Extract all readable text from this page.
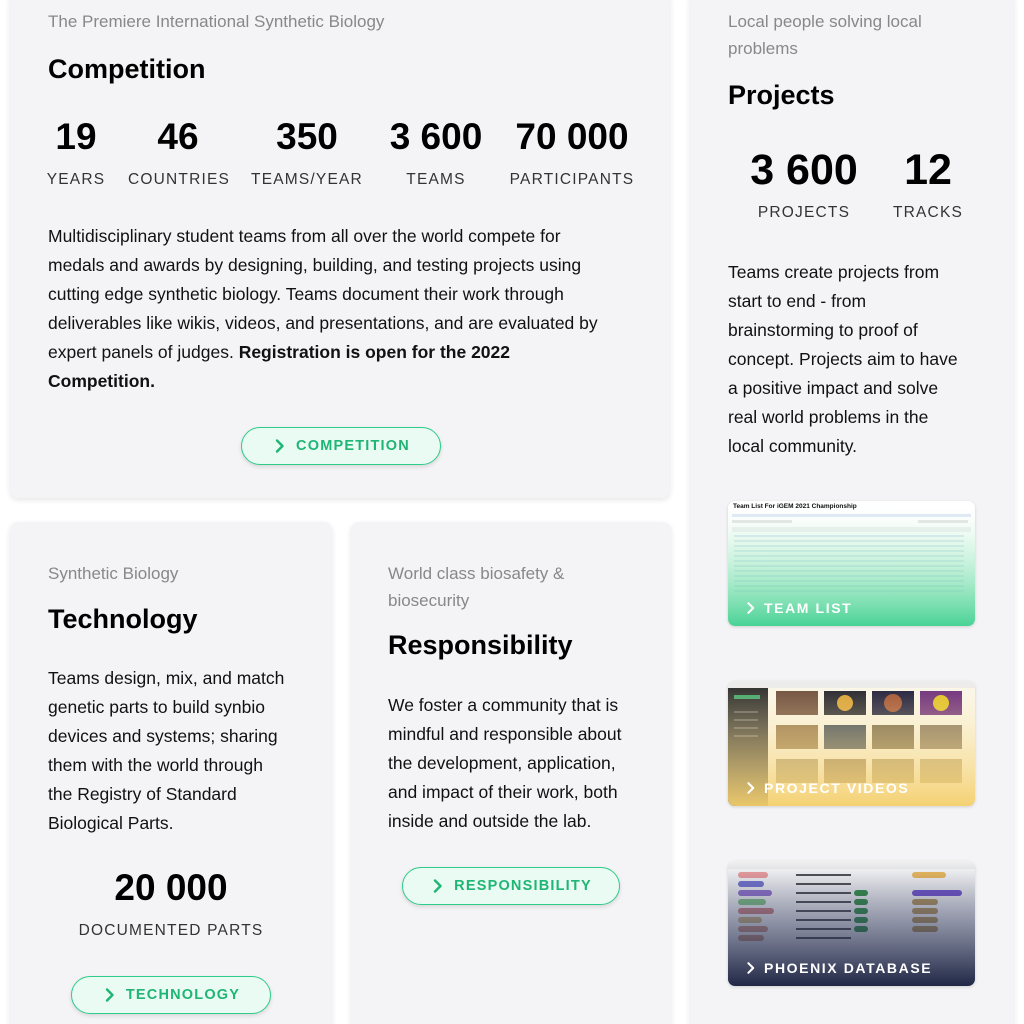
The Premiere International Synthetic Biology
Competition
19
YEARS
46
COUNTRIES
350
TEAMS/YEAR
3 600
TEAMS
70 000
PARTICIPANTS
Multidisciplinary student teams from all over the world compete for
medals and awards by designing, building, and testing projects using
cutting edge synthetic biology. Teams document their work through
deliverables like wikis, videos, and presentations, and are evaluated by
expert panels of judges. Registration is open for the 2022
Competition.
COMPETITION
Synthetic Biology
Technology
Teams design, mix, and match
genetic parts to build synbio
devices and systems; sharing
them with the world through
the Registry of Standard
Biological Parts.
20 000
DOCUMENTED PARTS
TECHNOLOGY
World class biosafety &
biosecurity
Responsibility
We foster a community that is
mindful and responsible about
the development, application,
and impact of their work, both
inside and outside the lab.
RESPONSIBILITY
Local people solving local
problems
Projects
3 600
PROJECTS
12
TRACKS
Teams create projects from
start to end - from
brainstorming to proof of
concept. Projects aim to have
a positive impact and solve
real world problems in the
local community.
TEAM LIST
PROJECT VIDEOS
PHOENIX DATABASE
